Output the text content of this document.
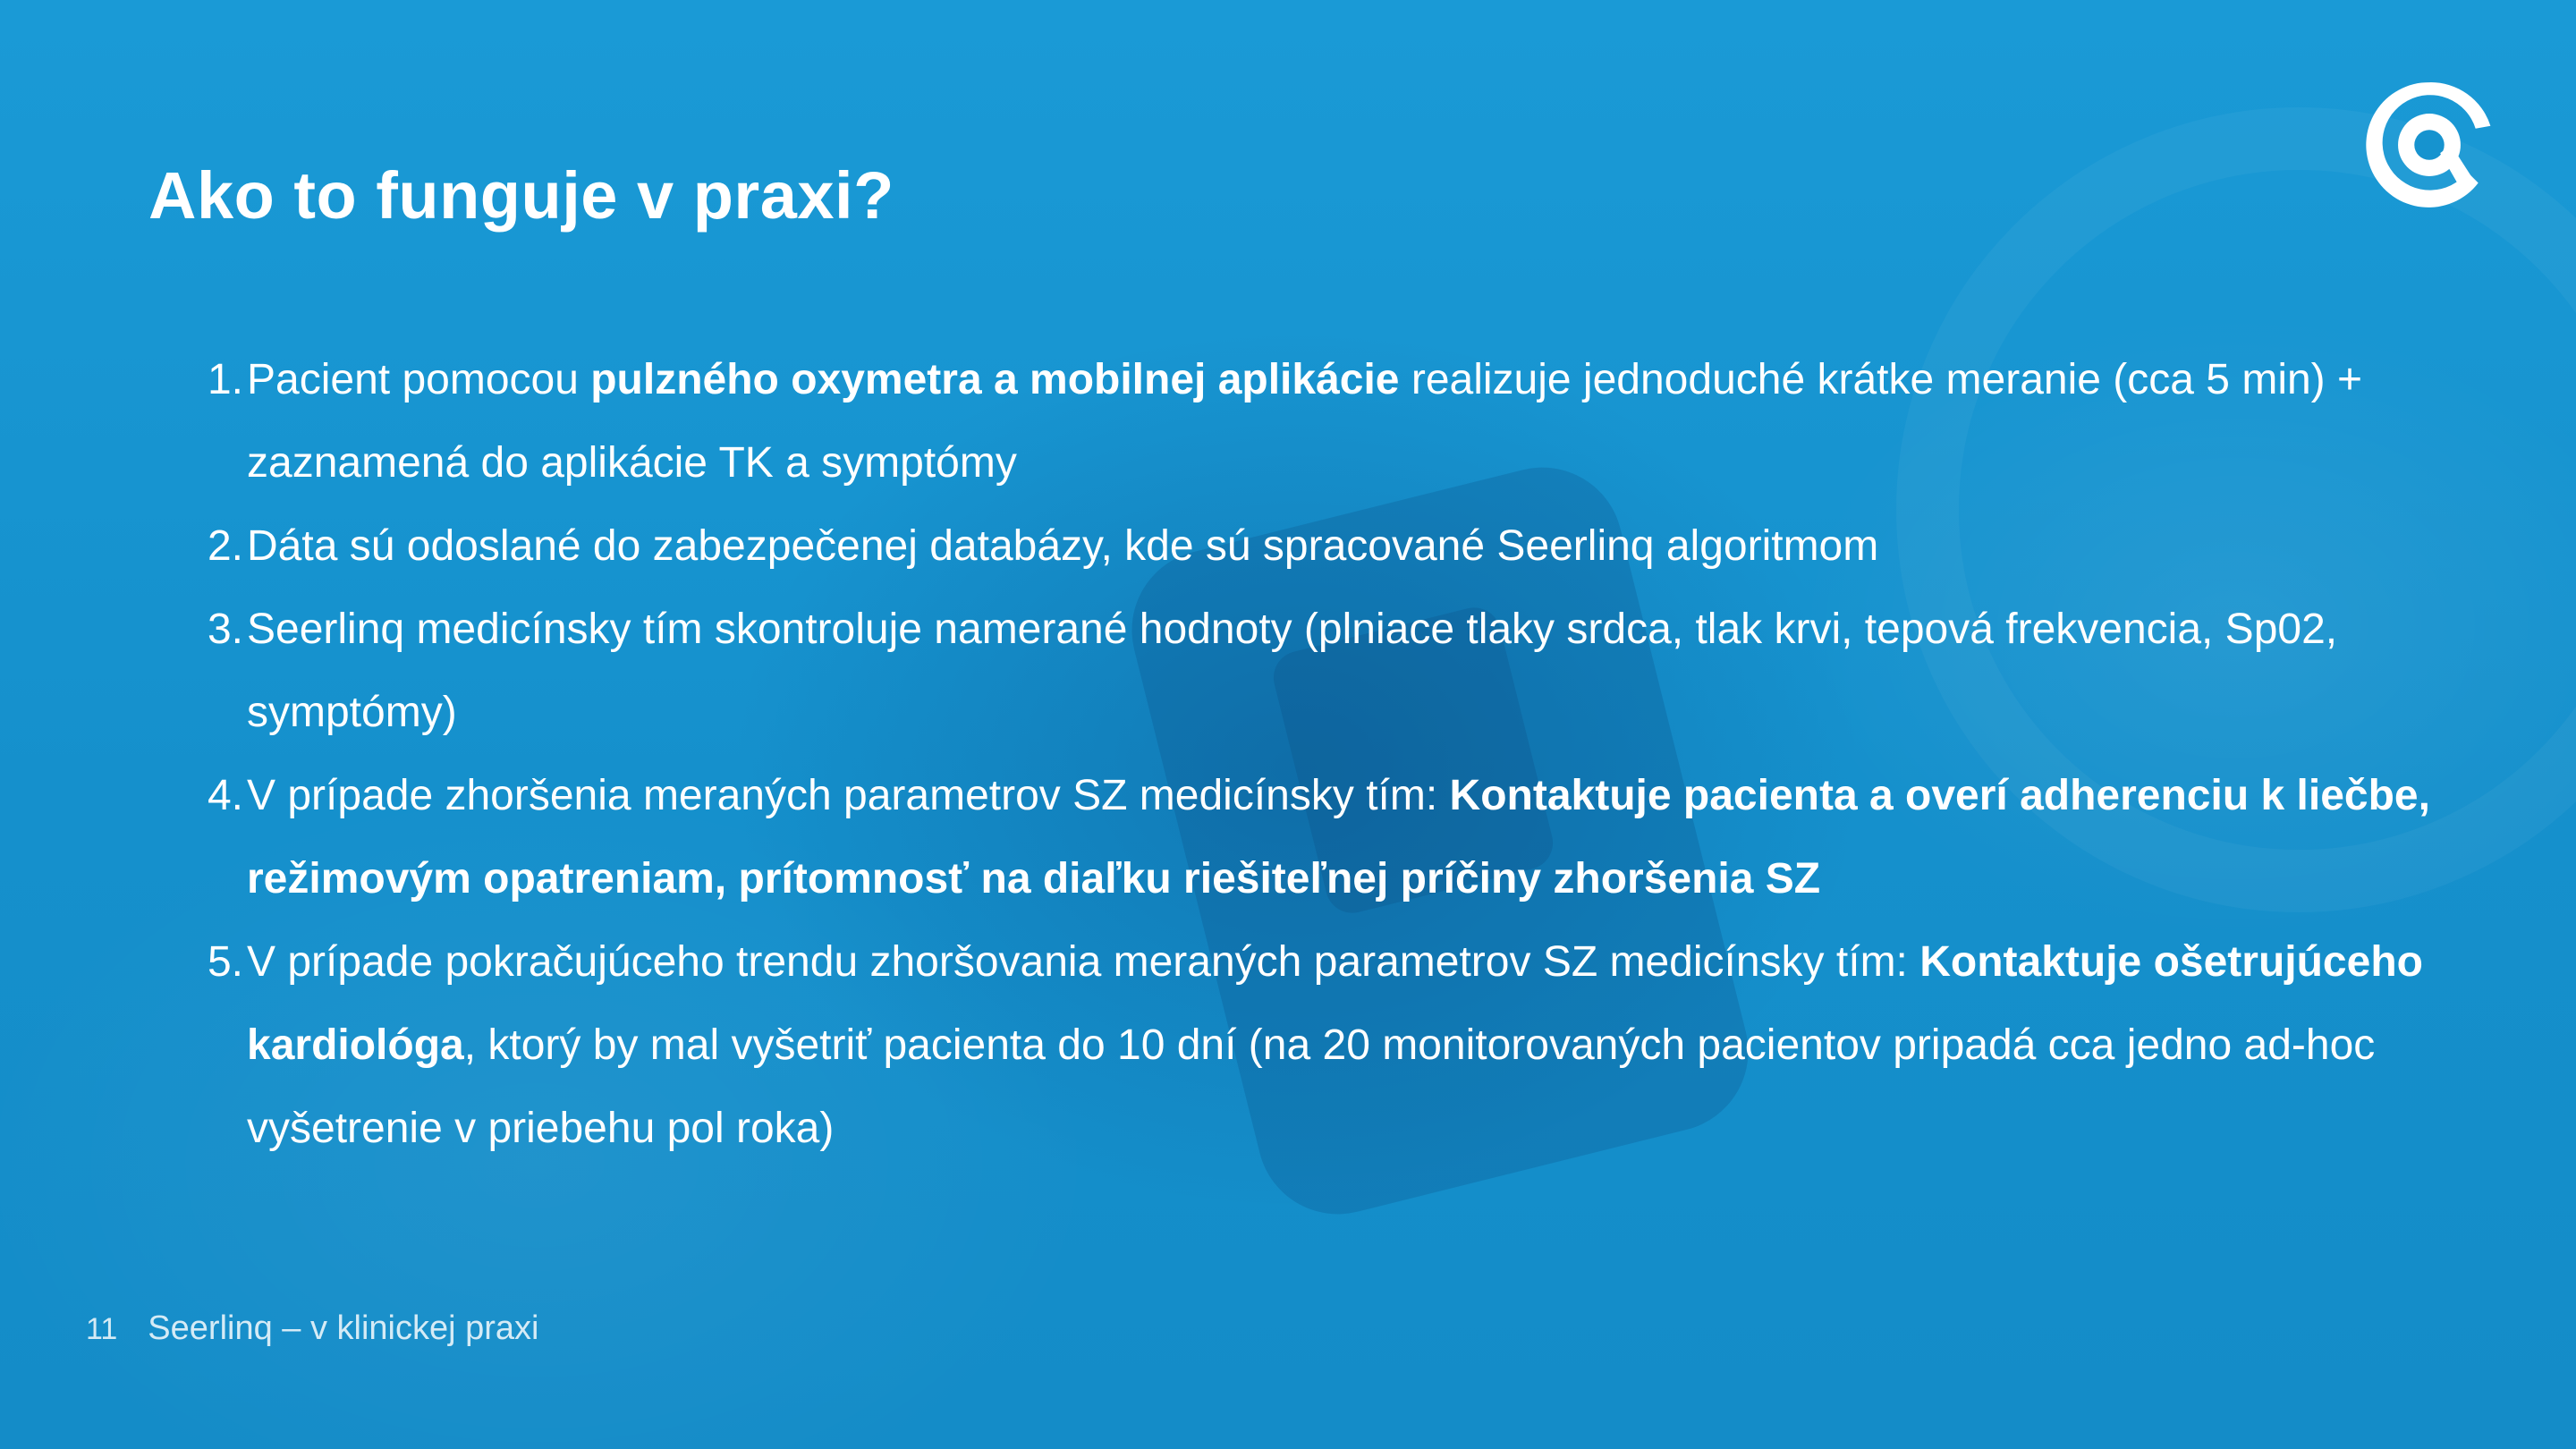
Ako to funguje v praxi?
1. Pacient pomocou pulzného oxymetra a mobilnej aplikácie realizuje jednoduché krátke meranie (cca 5 min) + zaznamená do aplikácie TK a symptómy
2. Dáta sú odoslané do zabezpečenej databázy, kde sú spracované Seerlinq algoritmom
3. Seerlinq medicínsky tím skontroluje namerané hodnoty (plniace tlaky srdca, tlak krvi, tepová frekvencia, Sp02, symptómy)
4. V prípade zhoršenia meraných parametrov SZ medicínsky tím: Kontaktuje pacienta a overí adherenciu k liečbe, režimovým opatreniam, prítomnosť na diaľku riešiteľnej príčiny zhoršenia SZ
5. V prípade pokračujúceho trendu zhoršovania meraných parametrov SZ medicínsky tím: Kontaktuje ošetrujúceho kardiológa, ktorý by mal vyšetriť pacienta do 10 dní (na 20 monitorovaných pacientov pripadá cca jedno ad-hoc vyšetrenie v priebehu pol roka)
11 Seerlinq – v klinickej praxi
